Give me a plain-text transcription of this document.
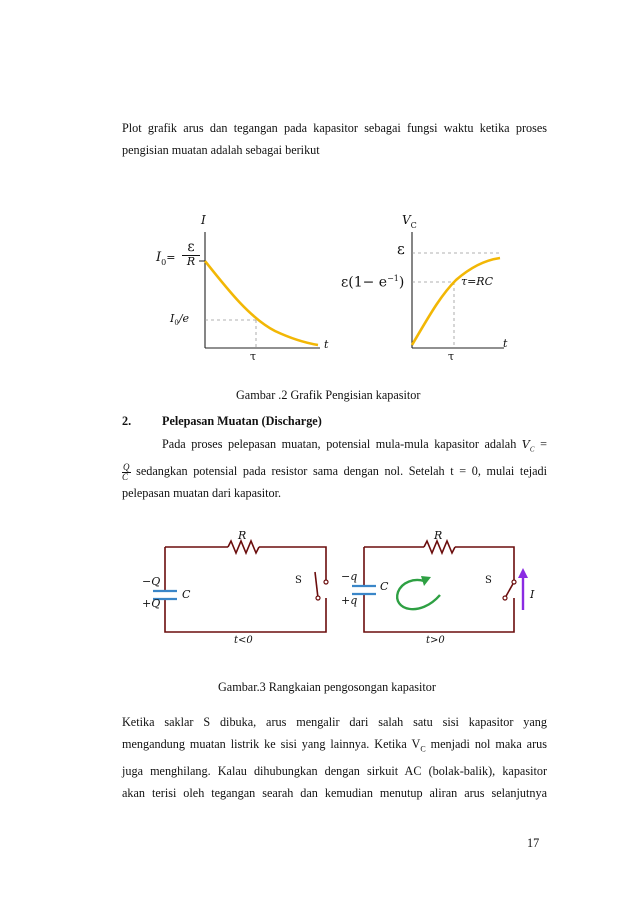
Plot grafik arus dan tegangan pada kapasitor sebagai fungsi waktu ketika proses
pengisian muatan adalah sebagai berikut
I
t
$I_0=$
ε
R
$I_0/e$
τ
$V_C$
t
ε
$\varepsilon(1- e^{-1})$	τ=RC
τ
Gambar .2 Grafik Pengisian kapasitor
2.	Pelepasan Muatan (Discharge)
Pada proses pelepasan muatan, potensial mula-mula kapasitor adalah $V_C$ =
$\frac{Q}{C}$ sedangkan potensial pada resistor sama dengan nol. Setelah t = 0, mulai tejadi
pelepasan muatan dari kapasitor.
R
−Q
+Q
C
S
t<0
R
−q
+q
C	S
I
t>0
Gambar.3 Rangkaian pengosongan kapasitor
Ketika saklar S dibuka, arus mengalir dari salah satu sisi kapasitor yang
mengandung muatan listrik ke sisi yang lainnya. Ketika $V_C$ menjadi nol maka arus
juga menghilang. Kalau dihubungkan dengan sirkuit AC (bolak-balik), kapasitor
akan terisi oleh tegangan searah dan kemudian menutup aliran arus selanjutnya
17
